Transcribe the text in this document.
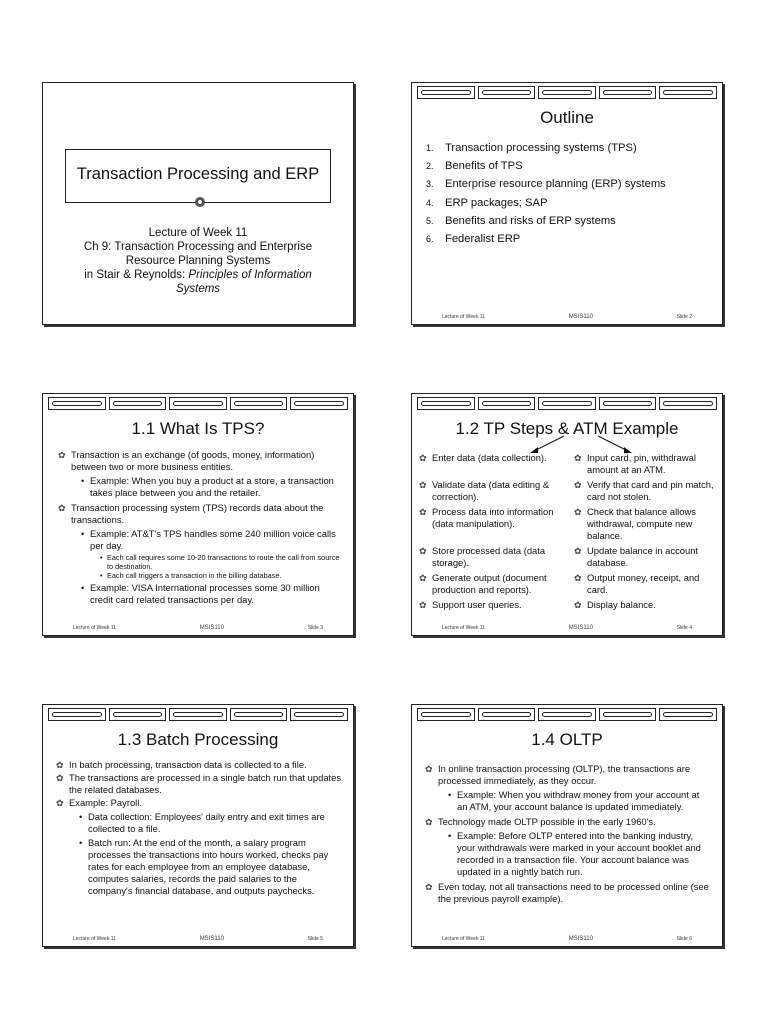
Transaction Processing and ERP
Lecture of Week 11
Ch 9: Transaction Processing and Enterprise
Resource Planning Systems
in Stair & Reynolds: Principles of Information
Systems
Outline
1.	Transaction processing systems (TPS)
2.	Benefits of TPS
3.	Enterprise resource planning (ERP) systems
4.	ERP packages; SAP
5.	Benefits and risks of ERP systems
6.	Federalist ERP
Lecture of Week 11	MSIS110	Slide 2
1.1 What Is TPS?
✿ Transaction is an exchange (of goods, money, information) between two or more business entities.
• Example: When you buy a product at a store, a transaction takes place between you and the retailer.
✿ Transaction processing system (TPS) records data about the transactions.
• Example: AT&T's TPS handles some 240 million voice calls per day.
• Each call requires some 10-20 transactions to route the call from source to destination.
• Each call triggers a transaction in the billing database.
• Example: VISA International processes some 30 million credit card related transactions per day.
Lecture of Week 11	MSIS110	Slide 3
1.2 TP Steps & ATM Example
✿ Enter data (data collection).
✿ Validate data (data editing & correction).
✿ Process data into information (data manipulation).
✿ Store processed data (data storage).
✿ Generate output (document production and reports).
✿ Support user queries.
✿ Input card, pin, withdrawal amount at an ATM.
✿ Verify that card and pin match, card not stolen.
✿ Check that balance allows withdrawal, compute new balance.
✿ Update balance in account database.
✿ Output money, receipt, and card.
✿ Display balance.
Lecture of Week 11	MSIS110	Slide 4
1.3 Batch Processing
✿ In batch processing, transaction data is collected to a file.
✿ The transactions are processed in a single batch run that updates the related databases.
✿ Example: Payroll.
• Data collection: Employees' daily entry and exit times are collected to a file.
• Batch run: At the end of the month, a salary program processes the transactions into hours worked, checks pay rates for each employee from an employee database, computes salaries, records the paid salaries to the company's financial database, and outputs paychecks.
Lecture of Week 11	MSIS110	Slide 5
1.4 OLTP
✿ In online transaction processing (OLTP), the transactions are processed immediately, as they occur.
• Example: When you withdraw money from your account at an ATM, your account balance is updated immediately.
✿ Technology made OLTP possible in the early 1960's.
• Example: Before OLTP entered into the banking industry, your withdrawals were marked in your account booklet and recorded in a transaction file. Your account balance was updated in a nightly batch run.
✿ Even today, not all transactions need to be processed online (see the previous payroll example).
Lecture of Week 11	MSIS110	Slide 6
